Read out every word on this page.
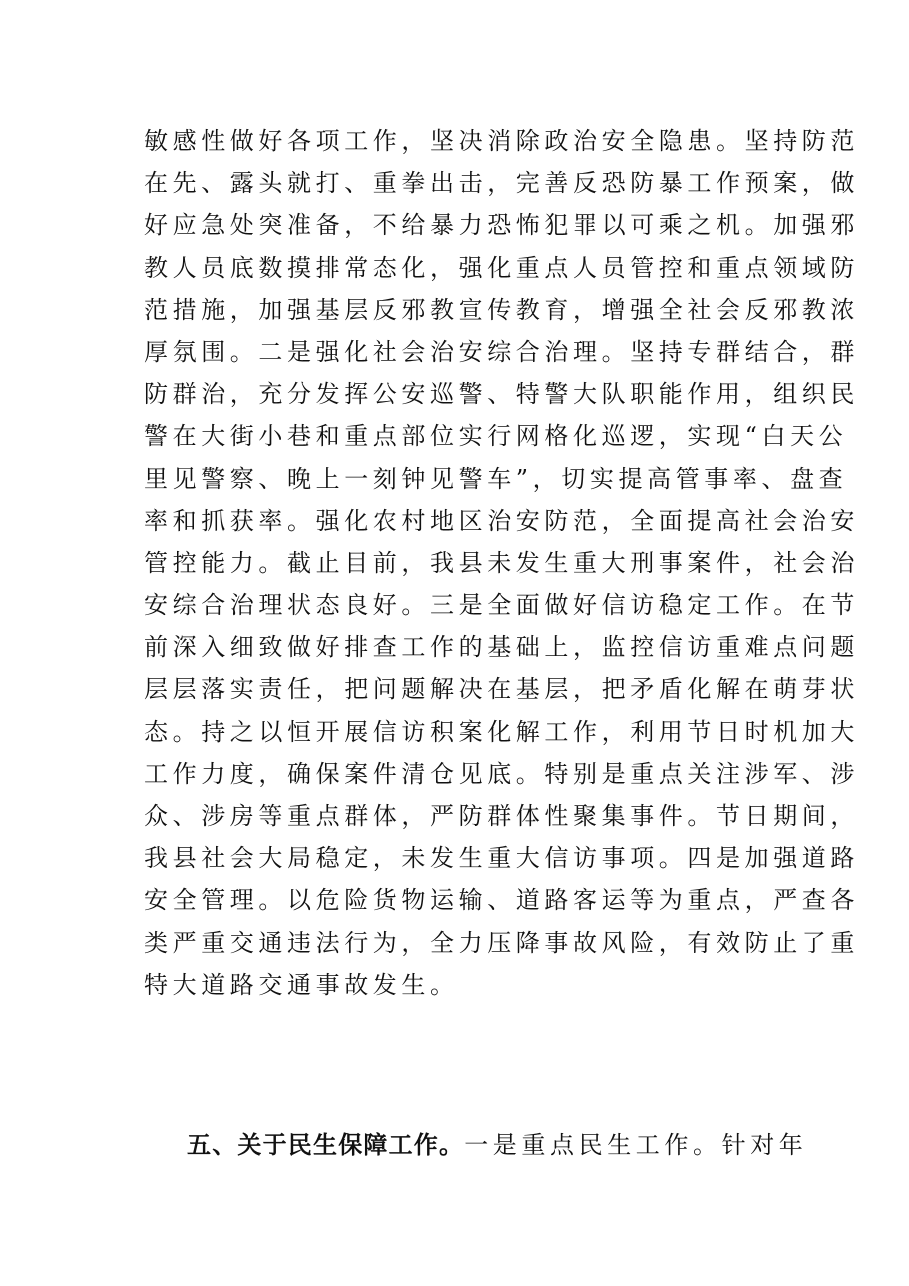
敏感性做好各项工作，坚决消除政治安全隐患。坚持防范
在先、露头就打、重拳出击，完善反恐防暴工作预案，做
好应急处突准备，不给暴力恐怖犯罪以可乘之机。加强邪
教人员底数摸排常态化，强化重点人员管控和重点领域防
范措施，加强基层反邪教宣传教育，增强全社会反邪教浓
厚氛围。二是强化社会治安综合治理。坚持专群结合，群
防群治，充分发挥公安巡警、特警大队职能作用，组织民
警在大街小巷和重点部位实行网格化巡逻，实现“白天公
里见警察、晚上一刻钟见警车”，切实提高管事率、盘查
率和抓获率。强化农村地区治安防范，全面提高社会治安
管控能力。截止目前，我县未发生重大刑事案件，社会治
安综合治理状态良好。三是全面做好信访稳定工作。在节
前深入细致做好排查工作的基础上，监控信访重难点问题
层层落实责任，把问题解决在基层，把矛盾化解在萌芽状
态。持之以恒开展信访积案化解工作，利用节日时机加大
工作力度，确保案件清仓见底。特别是重点关注涉军、涉
众、涉房等重点群体，严防群体性聚集事件。节日期间，
我县社会大局稳定，未发生重大信访事项。四是加强道路
安全管理。以危险货物运输、道路客运等为重点，严查各
类严重交通违法行为，全力压降事故风险，有效防止了重
特大道路交通事故发生。
五、关于民生保障工作。一是重点民生工作。针对年
